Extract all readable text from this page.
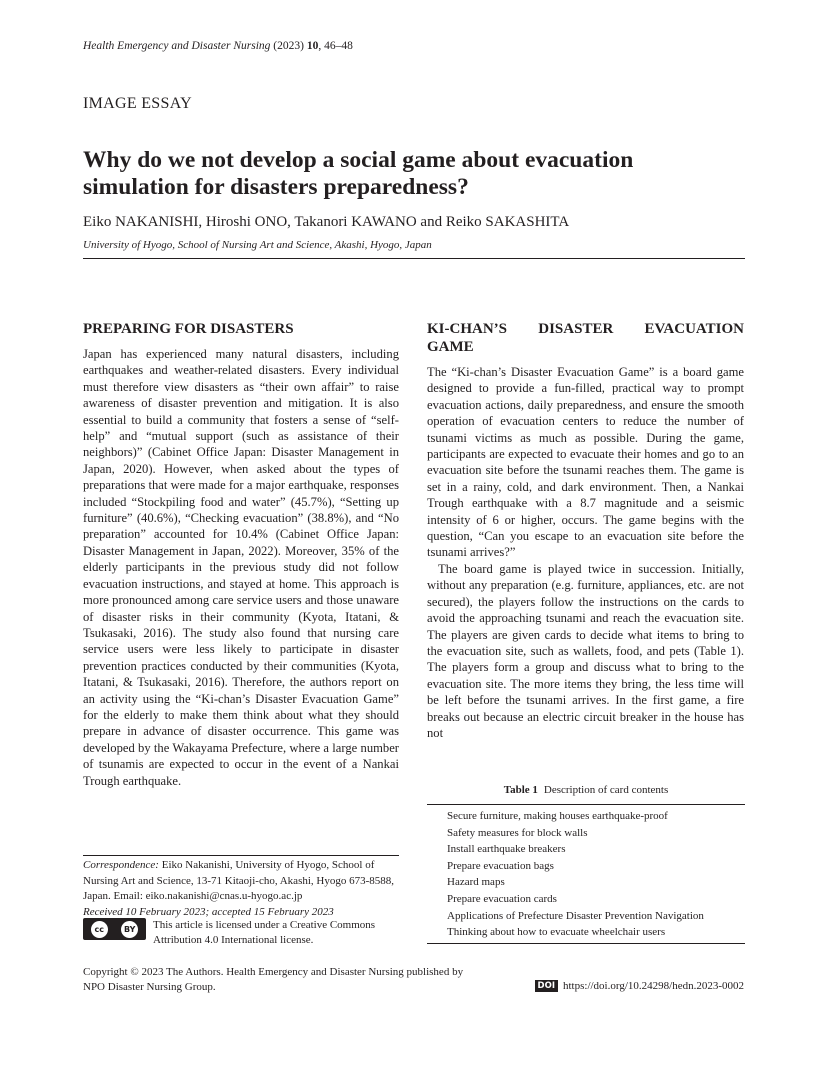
Health Emergency and Disaster Nursing (2023) 10, 46–48
IMAGE ESSAY
Why do we not develop a social game about evacuation simulation for disasters preparedness?
Eiko NAKANISHI, Hiroshi ONO, Takanori KAWANO and Reiko SAKASHITA
University of Hyogo, School of Nursing Art and Science, Akashi, Hyogo, Japan
PREPARING FOR DISASTERS

Japan has experienced many natural disasters, including earthquakes and weather-related disasters. Every individual must therefore view disasters as “their own affair” to raise awareness of disaster prevention and mitigation. It is also essential to build a community that fosters a sense of “self-help” and “mutual support (such as assistance of their neighbors)” (Cabinet Office Japan: Disaster Management in Japan, 2020). However, when asked about the types of preparations that were made for a major earthquake, responses included “Stockpiling food and water” (45.7%), “Setting up furniture” (40.6%), “Checking evacuation” (38.8%), and “No preparation” accounted for 10.4% (Cabinet Office Japan: Disaster Management in Japan, 2022). Moreover, 35% of the elderly participants in the previous study did not follow evacuation instructions, and stayed at home. This approach is more pronounced among care service users and those unaware of disaster risks in their community (Kyota, Itatani, & Tsukasaki, 2016). The study also found that nursing care service users were less likely to participate in disaster prevention practices conducted by their communities (Kyota, Itatani, & Tsukasaki, 2016). Therefore, the authors report on an activity using the “Ki-chan’s Disaster Evacuation Game” for the elderly to make them think about what they should prepare in advance of disaster occurrence. This game was developed by the Wakayama Prefecture, where a large number of tsunamis are expected to occur in the event of a Nankai Trough earthquake.

KI-CHAN’S DISASTER EVACUATION
GAME

The “Ki-chan’s Disaster Evacuation Game” is a board game designed to provide a fun-filled, practical way to prompt evacuation actions, daily preparedness, and ensure the smooth operation of evacuation centers to reduce the number of tsunami victims as much as possible. During the game, participants are expected to evacuate their homes and go to an evacuation site before the tsunami reaches them. The game is set in a rainy, cold, and dark environment. Then, a Nankai Trough earthquake with a 8.7 magnitude and a seismic intensity of 6 or higher, occurs. The game begins with the question, “Can you escape to an evacuation site before the tsunami arrives?”

The board game is played twice in succession. Initially, without any preparation (e.g. furniture, appliances, etc. are not secured), the players follow the instructions on the cards to avoid the approaching tsunami and reach the evacuation site. The players are given cards to decide what items to bring to the evacuation site, such as wallets, food, and pets (Table 1). The players form a group and discuss what to bring to the evacuation site. The more items they bring, the less time will be left before the tsunami arrives. In the first game, a fire breaks out because an electric circuit breaker in the house has not

Table 1 Description of card contents
Secure furniture, making houses earthquake-proof
Safety measures for block walls
Install earthquake breakers
Prepare evacuation bags
Hazard maps
Prepare evacuation cards
Applications of Prefecture Disaster Prevention Navigation
Thinking about how to evacuate wheelchair users
Correspondence: Eiko Nakanishi, University of Hyogo, School of Nursing Art and Science, 13-71 Kitaoji-cho, Akashi, Hyogo 673-8588, Japan. Email: eiko.nakanishi@cnas.u-hyogo.ac.jp
Received 10 February 2023; accepted 15 February 2023
cc	BY This article is licensed under a Creative Commons Attribution 4.0 International license.
Copyright © 2023 The Authors. Health Emergency and Disaster Nursing published by NPO Disaster Nursing Group.	DOI https://doi.org/10.24298/hedn.2023-0002
